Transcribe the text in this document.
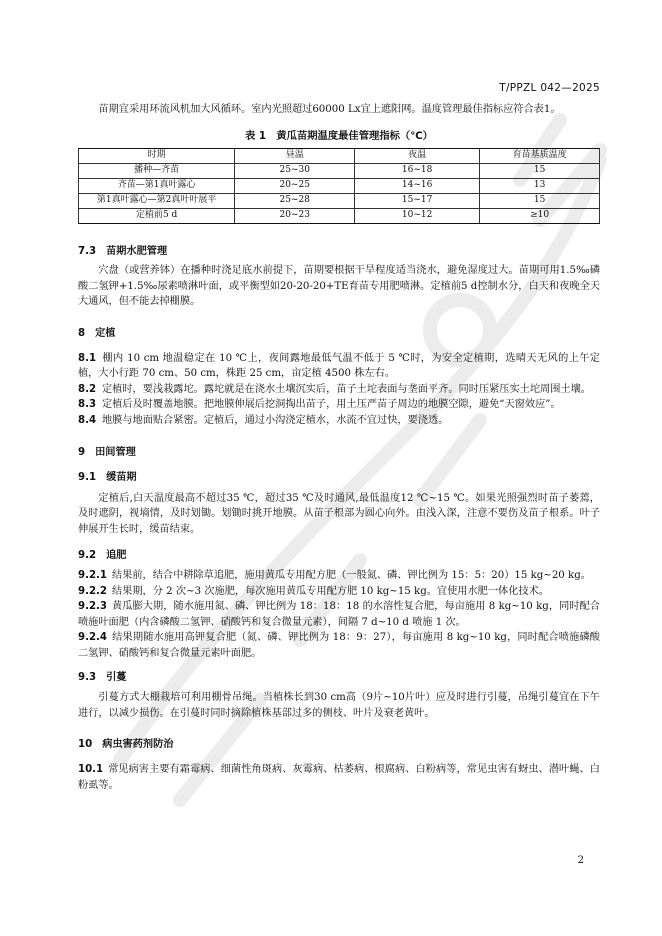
T/PPZL 042—2025

苗期宜采用环流风机加大风循环。室内光照超过60000 Lx宜上遮阳网。温度管理最佳指标应符合表1。

表 1　黄瓜苗期温度最佳管理指标（℃）
时期	昼温	夜温	育苗基质温度
播种—齐苗	25~30	16~18	15
齐苗—第1真叶露心	20~25	14~16	13
第1真叶露心—第2真叶叶展平	25~28	15~17	15
定植前5 d	20~23	10~12	≥10
7.3 苗期水肥管理

穴盘（或营养钵）在播种时浇足底水前提下，苗期要根据干旱程度适当浇水，避免湿度过大。苗期可用1.5‰磷酸二氢钾+1.5‰尿素喷淋叶面，或平衡型如20-20-20+TE育苗专用肥喷淋。定植前5 d控制水分，白天和夜晚全天大通风，但不能去掉棚膜。

8 定植

8.1 棚内 10 cm 地温稳定在 10 ℃上，夜间露地最低气温不低于 5 ℃时，为安全定植期，选晴天无风的上午定植，大小行距 70 cm、50 cm，株距 25 cm，亩定植 4500 株左右。

8.2 定植时，要浅栽露坨。露坨就是在浇水土壤沉实后，苗子土坨表面与垄面平齐。同时压紧压实土坨周围土壤。

8.3 定植后及时覆盖地膜。把地膜伸展后挖洞掏出苗子，用土压严苗子周边的地膜空隙，避免“天窗效应”。

8.4 地膜与地面贴合紧密。定植后，通过小沟浇定植水，水流不宜过快，要浇透。

9 田间管理
9.1 缓苗期

定植后,白天温度最高不超过35 ℃，超过35 ℃及时通风,最低温度12 ℃~15 ℃。如果光照强烈时苗子萎蔫，及时遮阴，视墒情，及时划锄。划锄时挑开地膜。从苗子根部为圆心向外。由浅入深，注意不要伤及苗子根系。叶子伸展开生长时，缓苗结束。

9.2 追肥

9.2.1 结果前，结合中耕除草追肥，施用黄瓜专用配方肥（一般氮、磷、钾比例为 15：5：20）15 kg~20 kg。

9.2.2 结果期，分 2 次~3 次施肥，每次施用黄瓜专用配方肥 10 kg~15 kg。宜使用水肥一体化技术。

9.2.3 黄瓜膨大期，随水施用氮、磷、钾比例为 18：18：18 的水溶性复合肥，每亩施用 8 kg~10 kg，同时配合喷施叶面肥（内含磷酸二氢钾、硝酸钙和复合微量元素），间隔 7 d~10 d 喷施 1 次。

9.2.4 结果期随水施用高钾复合肥（氮、磷、钾比例为 18：9：27），每亩施用 8 kg~10 kg，同时配合喷施磷酸二氢钾、硝酸钙和复合微量元素叶面肥。

9.3 引蔓

引蔓方式大棚栽培可利用棚骨吊绳。当植株长到30 cm高（9片~10片叶）应及时进行引蔓，吊绳引蔓宜在下午进行，以减少损伤。在引蔓时同时摘除植株基部过多的侧枝、叶片及衰老黄叶。

10 病虫害药剂防治

10.1 常见病害主要有霜霉病、细菌性角斑病、灰霉病、枯萎病、根腐病、白粉病等，常见虫害有蚜虫、潜叶蝇、白粉虱等。

2
